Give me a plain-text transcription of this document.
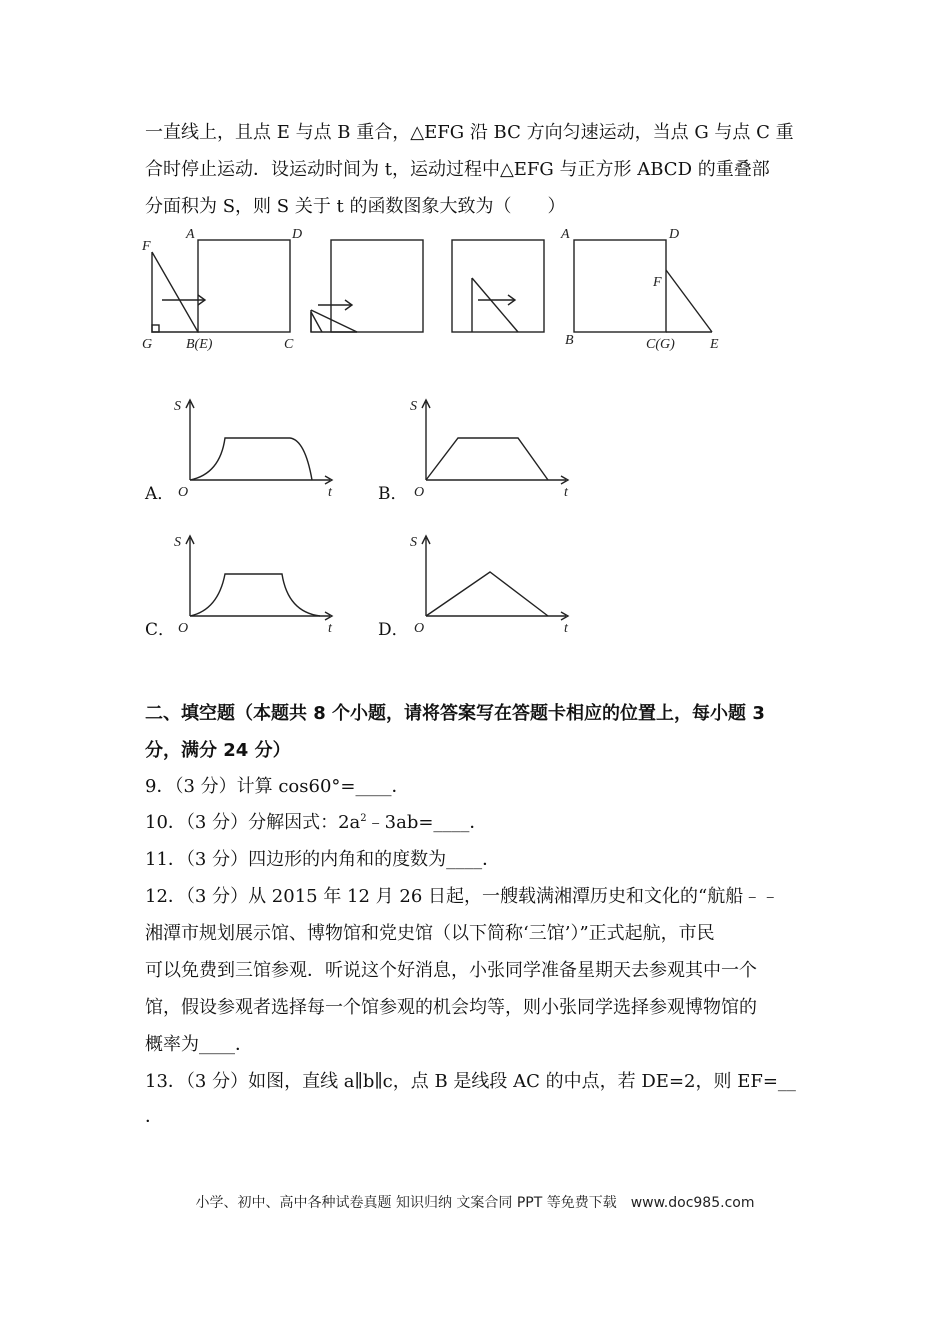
一直线上，且点 E 与点 B 重合，△EFG 沿 BC 方向匀速运动，当点 G 与点 C 重
合时停止运动．设运动时间为 t，运动过程中△EFG 与正方形 ABCD 的重叠部
分面积为 S，则 S 关于 t 的函数图象大致为（　　）
A	D
F
G B(E)	C
A	D
F
B	C(G)	E
A．
S
O	t	B．
S
O	t
C．
S
O	t	D．
S
O	t
二、填空题（本题共 8 个小题，请将答案写在答题卡相应的位置上，每小题 3
分，满分 24 分）
9．（3 分）计算 cos60°=____．
10．（3 分）分解因式：$2a^2﹣3ab=\_\_\_\_$．
11．（3 分）四边形的内角和的度数为____．
12．（3 分）从 2015 年 12 月 26 日起，一艘载满湘潭历史和文化的“航船﹣﹣
湘潭市规划展示馆、博物馆和党史馆（以下简称‘三馆’）”正式起航，市民
可以免费到三馆参观．听说这个好消息，小张同学准备星期天去参观其中一个
馆，假设参观者选择每一个馆参观的机会均等，则小张同学选择参观博物馆的
概率为____．
13．（3 分）如图，直线 a∥b∥c，点 B 是线段 AC 的中点，若 DE=2，则 EF=__
．
小学、初中、高中各种试卷真题 知识归纳 文案合同 PPT 等免费下载　www.doc985.com
